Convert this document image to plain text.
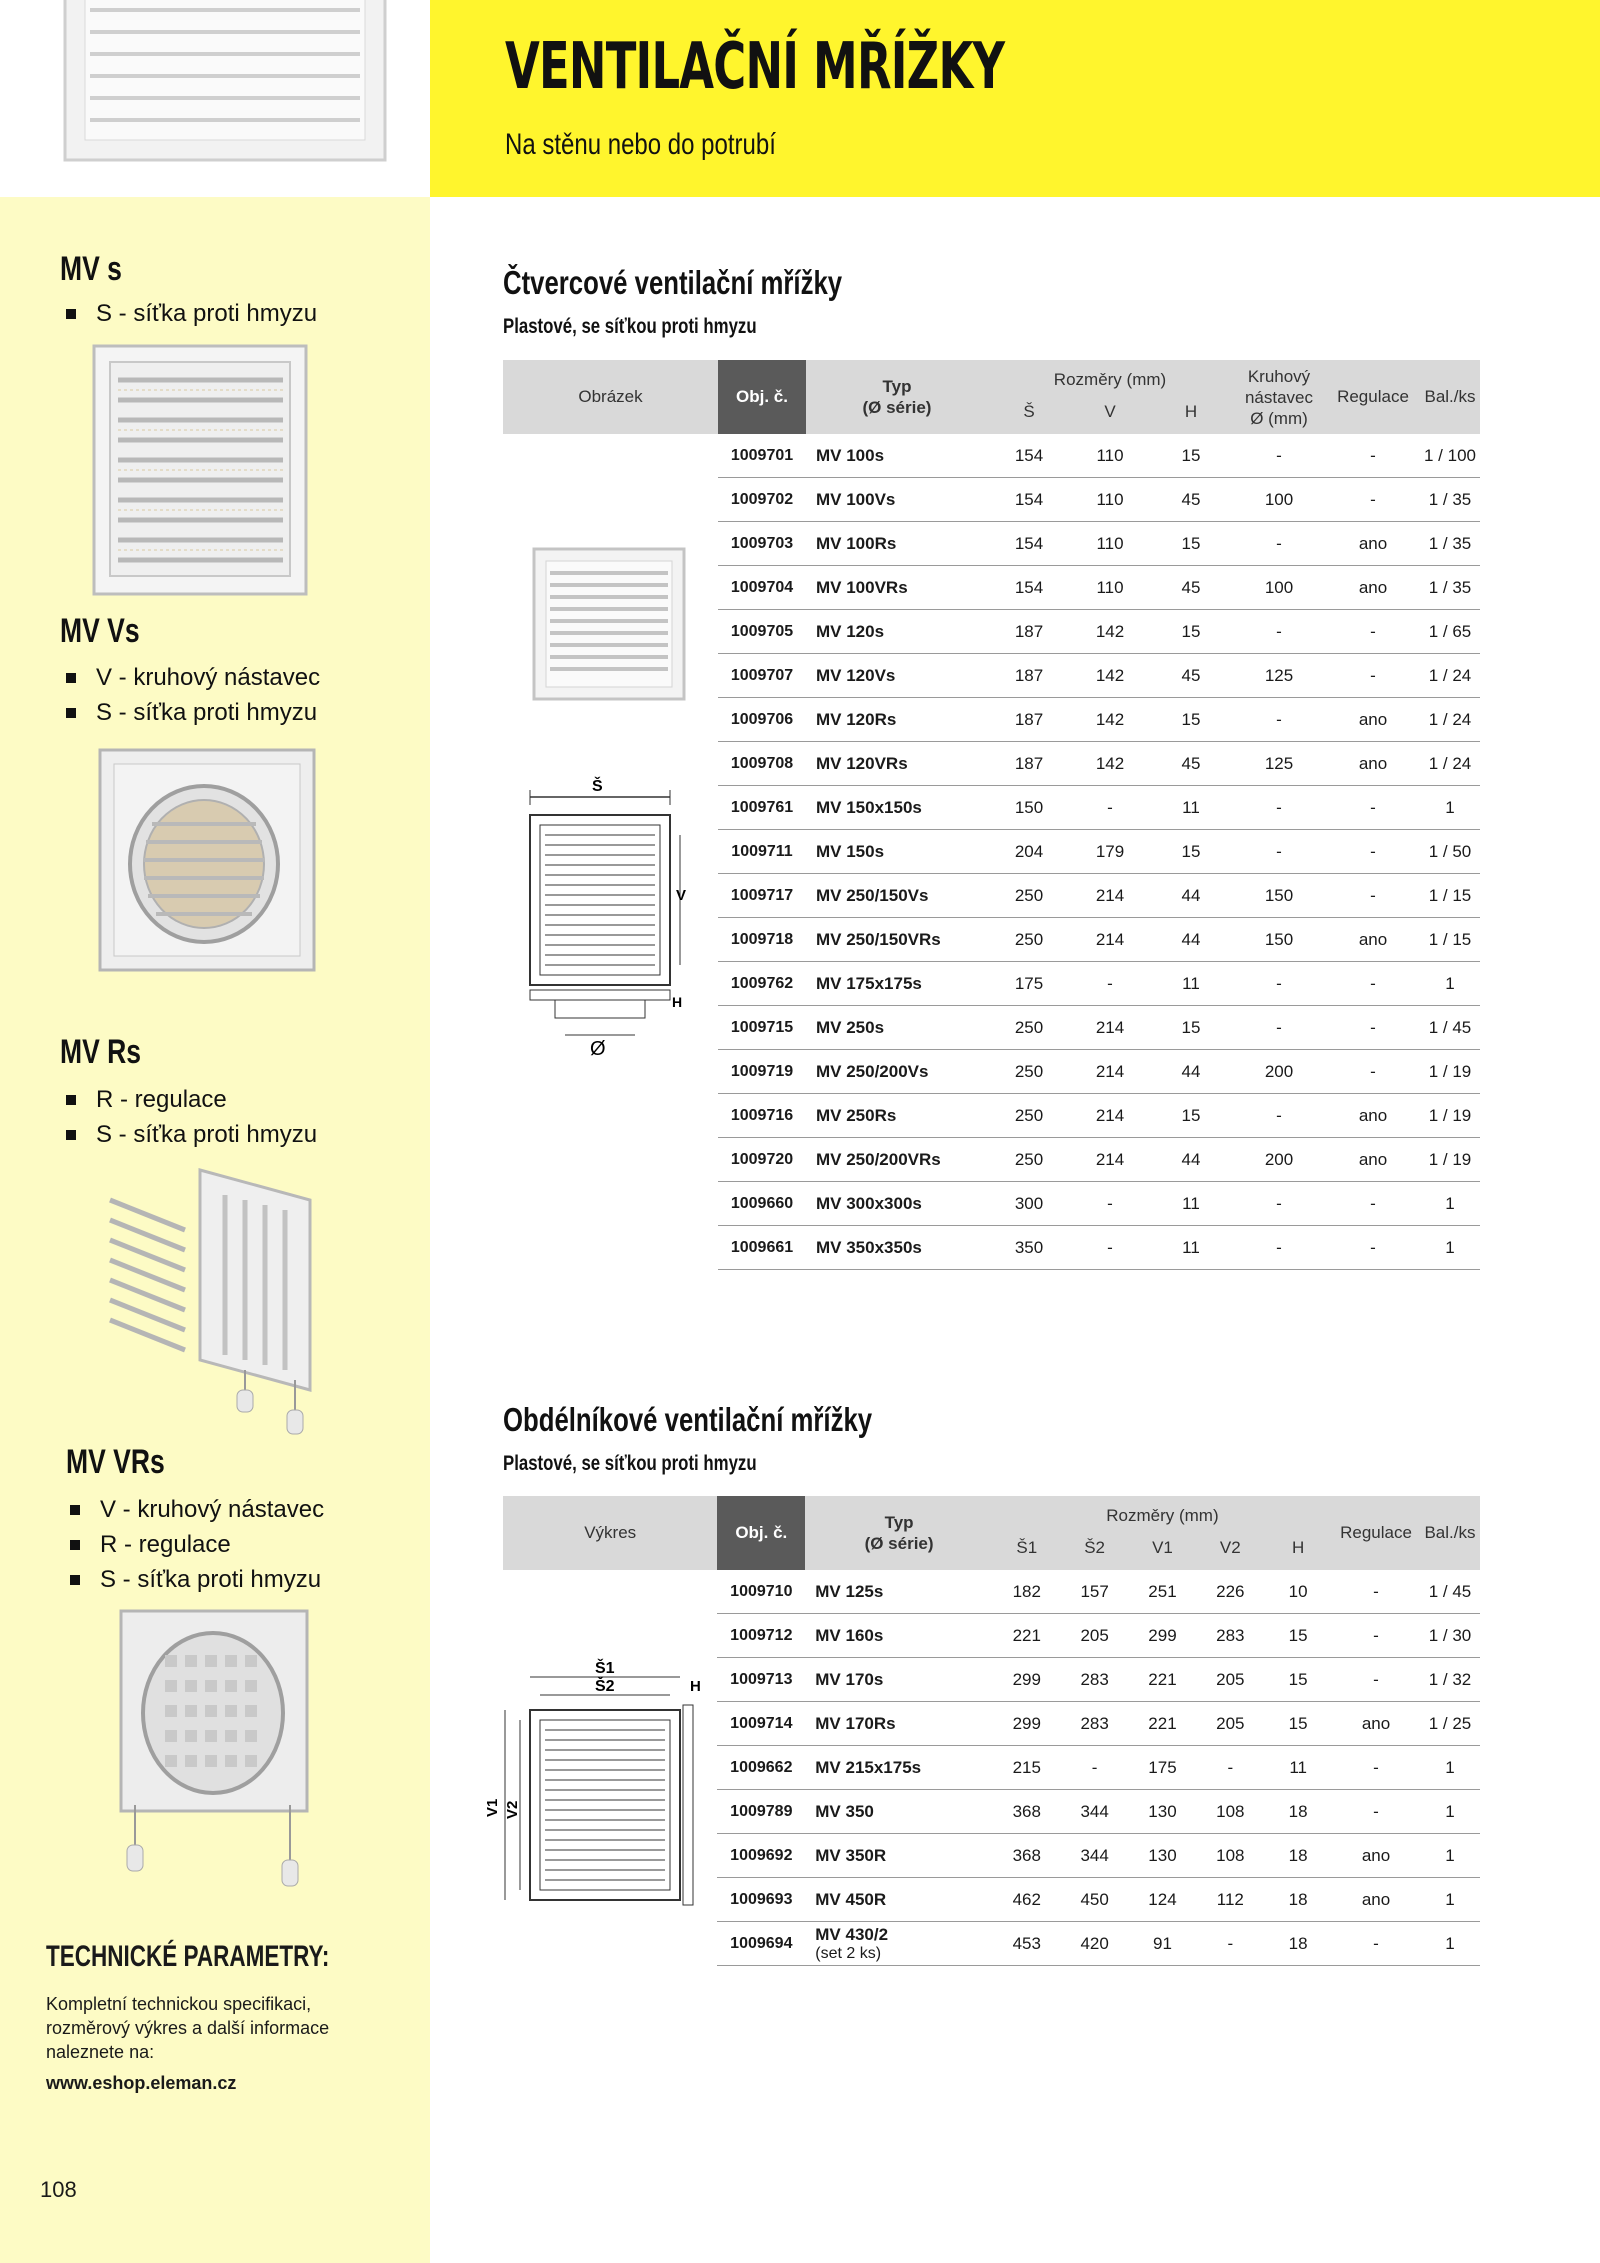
VENTILAČNÍ MŘÍŽKY
Na stěnu nebo do potrubí
MV s
S - síťka proti hmyzu
MV Vs
V - kruhový nástavec
S - síťka proti hmyzu
MV Rs
R - regulace
S - síťka proti hmyzu
MV VRs
V - kruhový nástavec
R - regulace
S - síťka proti hmyzu
TECHNICKÉ PARAMETRY:
Kompletní technickou specifikaci, rozměrový výkres a další informace naleznete na:
www.eshop.eleman.cz
108
Čtvercové ventilační mřížky
Plastové, se síťkou proti hmyzu
Obrázek	Obj. č.	Typ
(Ø série)	Rozměry (mm)			Kruhový
nástavec
Ø (mm)	Regulace	Bal./ks
			Š	V	H			
	1009701	MV 100s	154	110	15	-	-	1 / 100
	1009702	MV 100Vs	154	110	45	100	-	1 / 35
	1009703	MV 100Rs	154	110	15	-	ano	1 / 35
	1009704	MV 100VRs	154	110	45	100	ano	1 / 35
	1009705	MV 120s	187	142	15	-	-	1 / 65
	1009707	MV 120Vs	187	142	45	125	-	1 / 24
	1009706	MV 120Rs	187	142	15	-	ano	1 / 24
	1009708	MV 120VRs	187	142	45	125	ano	1 / 24
	1009761	MV 150x150s	150	-	11	-	-	1
	1009711	MV 150s	204	179	15	-	-	1 / 50
	1009717	MV 250/150Vs	250	214	44	150	-	1 / 15
	1009718	MV 250/150VRs	250	214	44	150	ano	1 / 15
	1009762	MV 175x175s	175	-	11	-	-	1
	1009715	MV 250s	250	214	15	-	-	1 / 45
	1009719	MV 250/200Vs	250	214	44	200	-	1 / 19
	1009716	MV 250Rs	250	214	15	-	ano	1 / 19
	1009720	MV 250/200VRs	250	214	44	200	ano	1 / 19
	1009660	MV 300x300s	300	-	11	-	-	1
	1009661	MV 350x350s	350	-	11	-	-	1
Š
V
H
Ø
Obdélníkové ventilační mřížky
Plastové, se síťkou proti hmyzu
Výkres	Obj. č.	Typ
(Ø série)	Rozměry (mm)					Regulace	Bal./ks
			Š1	Š2	V1	V2	H		
	1009710	MV 125s	182	157	251	226	10	-	1 / 45
	1009712	MV 160s	221	205	299	283	15	-	1 / 30
	1009713	MV 170s	299	283	221	205	15	-	1 / 32
	1009714	MV 170Rs	299	283	221	205	15	ano	1 / 25
	1009662	MV 215x175s	215	-	175	-	11	-	1
	1009789	MV 350	368	344	130	108	18	-	1
	1009692	MV 350R	368	344	130	108	18	ano	1
	1009693	MV 450R	462	450	124	112	18	ano	1
	1009694	MV 430/2
(set 2 ks)	453	420	91	-	18	-	1
Š1
Š2	H
V1 V2
